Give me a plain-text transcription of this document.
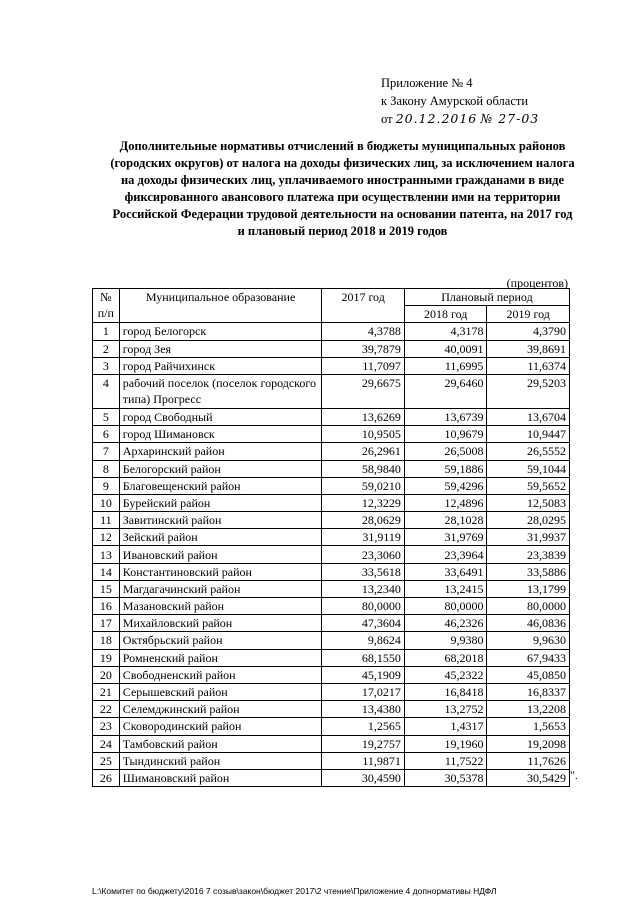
Приложение № 4
к Закону Амурской области
от 20.12.2016 № 27-03
Дополнительные нормативы отчислений в бюджеты муниципальных районов (городских округов) от налога на доходы физических лиц, за исключением налога на доходы физических лиц, уплачиваемого иностранными гражданами в виде фиксированного авансового платежа при осуществлении ими на территории Российской Федерации трудовой деятельности на основании патента, на 2017 год и плановый период 2018 и 2019 годов
(процентов)
№
п/п	Муниципальное образование	2017 год	Плановый период	
			2018 год	2019 год
1	город Белогорск	4,3788	4,3178	4,3790
2	город Зея	39,7879	40,0091	39,8691
3	город Райчихинск	11,7097	11,6995	11,6374
4	рабочий поселок (поселок городского типа) Прогресс	29,6675	29,6460	29,5203
5	город Свободный	13,6269	13,6739	13,6704
6	город Шимановск	10,9505	10,9679	10,9447
7	Архаринский район	26,2961	26,5008	26,5552
8	Белогорский район	58,9840	59,1886	59,1044
9	Благовещенский район	59,0210	59,4296	59,5652
10	Бурейский район	12,3229	12,4896	12,5083
11	Завитинский район	28,0629	28,1028	28,0295
12	Зейский район	31,9119	31,9769	31,9937
13	Ивановский район	23,3060	23,3964	23,3839
14	Константиновский район	33,5618	33,6491	33,5886
15	Магдагачинский район	13,2340	13,2415	13,1799
16	Мазановский район	80,0000	80,0000	80,0000
17	Михайловский район	47,3604	46,2326	46,0836
18	Октябрьский район	9,8624	9,9380	9,9630
19	Ромненский район	68,1550	68,2018	67,9433
20	Свободненский район	45,1909	45,2322	45,0850
21	Серышевский район	17,0217	16,8418	16,8337
22	Селемджинский район	13,4380	13,2752	13,2208
23	Сковородинский район	1,2565	1,4317	1,5653
24	Тамбовский район	19,2757	19,1960	19,2098
25	Тындинский район	11,9871	11,7522	11,7626
26	Шимановский район	30,4590	30,5378	30,5429 ".
L:\Комитет по бюджету\2016 7 созыв\закон\бюджет 2017\2 чтение\Приложение 4 допнормативы НДФЛ
